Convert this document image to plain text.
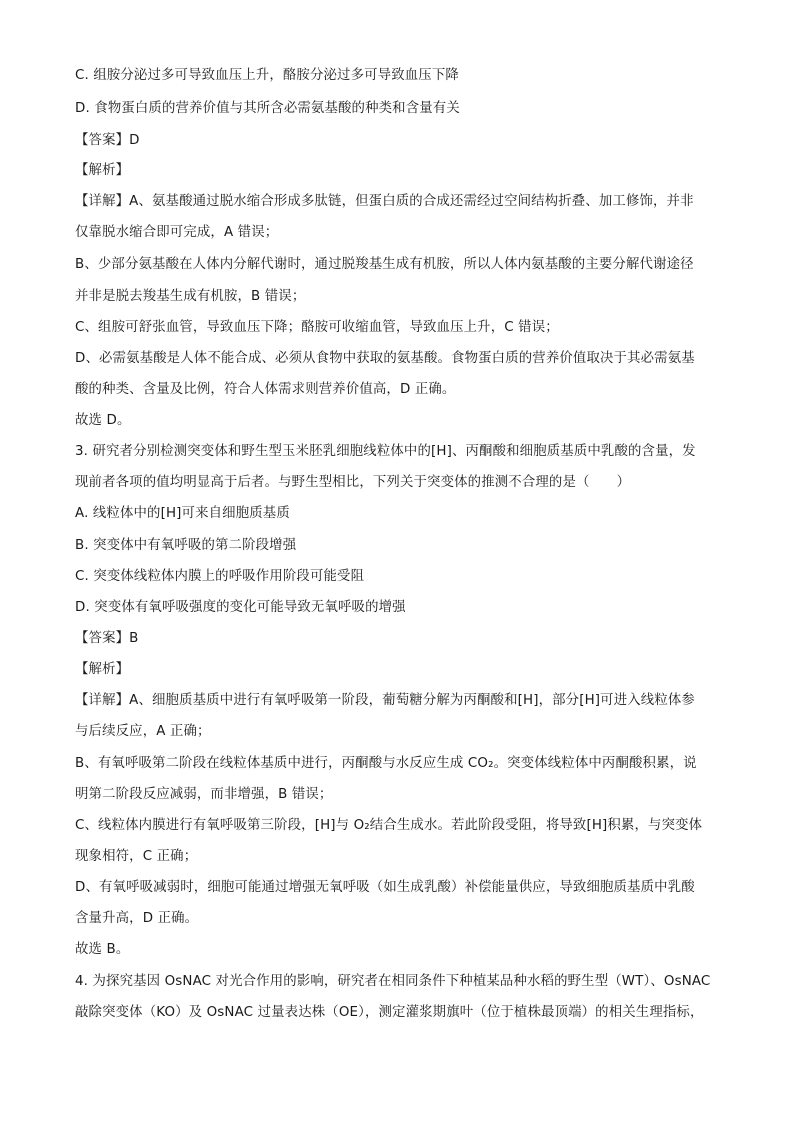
C. 组胺分泌过多可导致血压上升，酪胺分泌过多可导致血压下降
D. 食物蛋白质的营养价值与其所含必需氨基酸的种类和含量有关
【答案】D
【解析】
【详解】A、氨基酸通过脱水缩合形成多肽链，但蛋白质的合成还需经过空间结构折叠、加工修饰，并非
仅靠脱水缩合即可完成，A 错误；
B、少部分氨基酸在人体内分解代谢时，通过脱羧基生成有机胺，所以人体内氨基酸的主要分解代谢途径
并非是脱去羧基生成有机胺，B 错误；
C、组胺可舒张血管，导致血压下降；酪胺可收缩血管，导致血压上升，C 错误；
D、必需氨基酸是人体不能合成、必须从食物中获取的氨基酸。食物蛋白质的营养价值取决于其必需氨基
酸的种类、含量及比例，符合人体需求则营养价值高，D 正确。
故选 D。
3. 研究者分别检测突变体和野生型玉米胚乳细胞线粒体中的[H]、丙酮酸和细胞质基质中乳酸的含量，发
现前者各项的值均明显高于后者。与野生型相比，下列关于突变体的推测不合理的是（　　）
A. 线粒体中的[H]可来自细胞质基质
B. 突变体中有氧呼吸的第二阶段增强
C. 突变体线粒体内膜上的呼吸作用阶段可能受阻
D. 突变体有氧呼吸强度的变化可能导致无氧呼吸的增强
【答案】B
【解析】
【详解】A、细胞质基质中进行有氧呼吸第一阶段，葡萄糖分解为丙酮酸和[H]，部分[H]可进入线粒体参
与后续反应，A 正确；
B、有氧呼吸第二阶段在线粒体基质中进行，丙酮酸与水反应生成 CO₂。突变体线粒体中丙酮酸积累，说
明第二阶段反应减弱，而非增强，B 错误；
C、线粒体内膜进行有氧呼吸第三阶段，[H]与 O₂结合生成水。若此阶段受阻，将导致[H]积累，与突变体
现象相符，C 正确；
D、有氧呼吸减弱时，细胞可能通过增强无氧呼吸（如生成乳酸）补偿能量供应，导致细胞质基质中乳酸
含量升高，D 正确。
故选 B。
4. 为探究基因 OsNAC 对光合作用的影响，研究者在相同条件下种植某品种水稻的野生型（WT）、OsNAC
敲除突变体（KO）及 OsNAC 过量表达株（OE），测定灌浆期旗叶（位于植株最顶端）的相关生理指标，
